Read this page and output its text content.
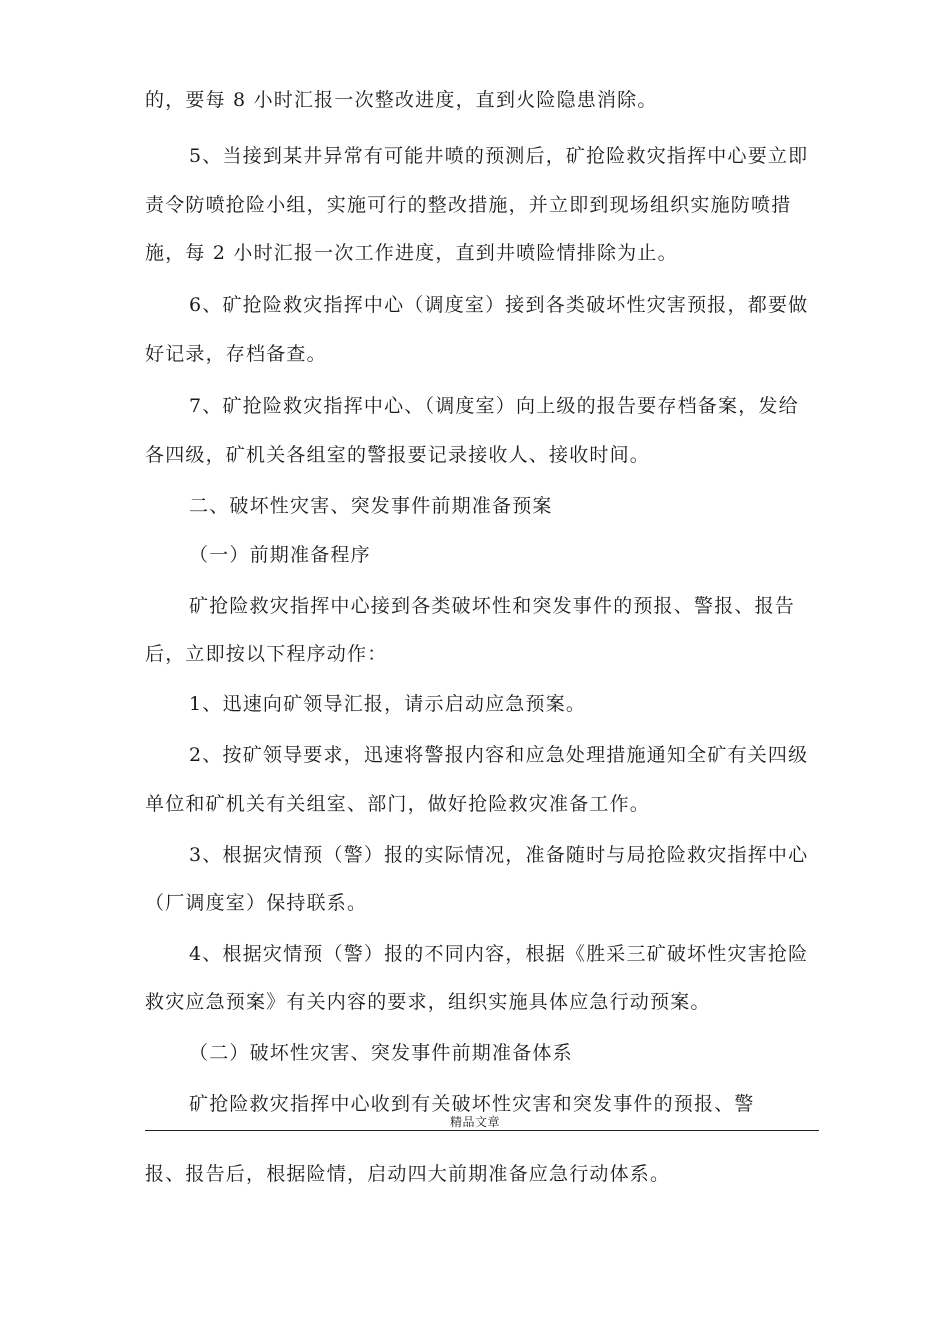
的，要每 8 小时汇报一次整改进度，直到火险隐患消除。
5、当接到某井异常有可能井喷的预测后，矿抢险救灾指挥中心要立即
责令防喷抢险小组，实施可行的整改措施，并立即到现场组织实施防喷措
施，每 2 小时汇报一次工作进度，直到井喷险情排除为止。
6、矿抢险救灾指挥中心（调度室）接到各类破坏性灾害预报，都要做
好记录，存档备查。
7、矿抢险救灾指挥中心、（调度室）向上级的报告要存档备案，发给
各四级，矿机关各组室的警报要记录接收人、接收时间。
二、破坏性灾害、突发事件前期准备预案
（一）前期准备程序
矿抢险救灾指挥中心接到各类破坏性和突发事件的预报、警报、报告
后，立即按以下程序动作：
1、迅速向矿领导汇报，请示启动应急预案。
2、按矿领导要求，迅速将警报内容和应急处理措施通知全矿有关四级
单位和矿机关有关组室、部门，做好抢险救灾准备工作。
3、根据灾情预（警）报的实际情况，准备随时与局抢险救灾指挥中心
（厂调度室）保持联系。
4、根据灾情预（警）报的不同内容，根据《胜采三矿破坏性灾害抢险
救灾应急预案》有关内容的要求，组织实施具体应急行动预案。
（二）破坏性灾害、突发事件前期准备体系
矿抢险救灾指挥中心收到有关破坏性灾害和突发事件的预报、警
精品文章
报、报告后，根据险情，启动四大前期准备应急行动体系。
